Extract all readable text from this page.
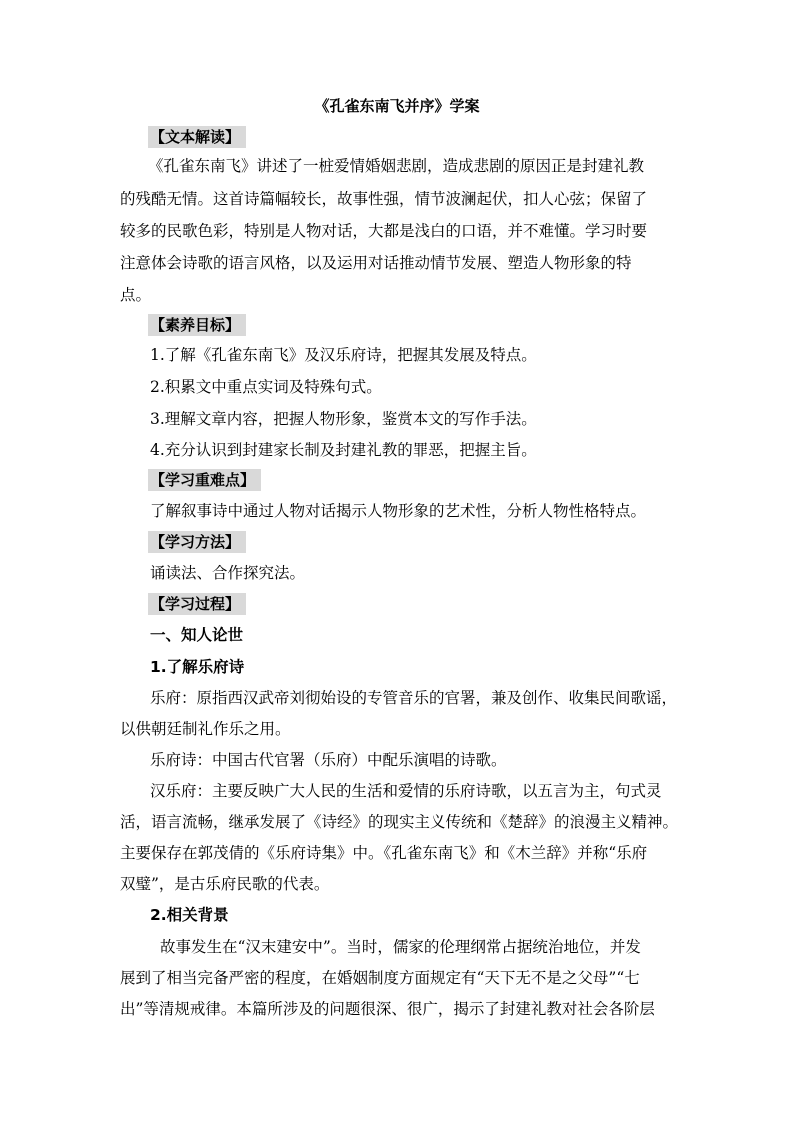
《孔雀东南飞并序》学案
【文本解读】
《孔雀东南飞》讲述了一桩爱情婚姻悲剧，造成悲剧的原因正是封建礼教
的残酷无情。这首诗篇幅较长，故事性强，情节波澜起伏，扣人心弦；保留了
较多的民歌色彩，特别是人物对话，大都是浅白的口语，并不难懂。学习时要
注意体会诗歌的语言风格，以及运用对话推动情节发展、塑造人物形象的特
点。
【素养目标】
1.了解《孔雀东南飞》及汉乐府诗，把握其发展及特点。
2.积累文中重点实词及特殊句式。
3.理解文章内容，把握人物形象，鉴赏本文的写作手法。
4.充分认识到封建家长制及封建礼教的罪恶，把握主旨。
【学习重难点】
了解叙事诗中通过人物对话揭示人物形象的艺术性，分析人物性格特点。
【学习方法】
诵读法、合作探究法。
【学习过程】
一、知人论世
1.了解乐府诗
乐府：原指西汉武帝刘彻始设的专管音乐的官署，兼及创作、收集民间歌谣，
以供朝廷制礼作乐之用。
乐府诗：中国古代官署（乐府）中配乐演唱的诗歌。
汉乐府：主要反映广大人民的生活和爱情的乐府诗歌，以五言为主，句式灵
活，语言流畅，继承发展了《诗经》的现实主义传统和《楚辞》的浪漫主义精神。
主要保存在郭茂倩的《乐府诗集》中。《孔雀东南飞》和《木兰辞》并称“乐府
双璧”，是古乐府民歌的代表。
2.相关背景
故事发生在“汉末建安中”。当时，儒家的伦理纲常占据统治地位，并发
展到了相当完备严密的程度，在婚姻制度方面规定有“天下无不是之父母”“七
出”等清规戒律。本篇所涉及的问题很深、很广，揭示了封建礼教对社会各阶层
